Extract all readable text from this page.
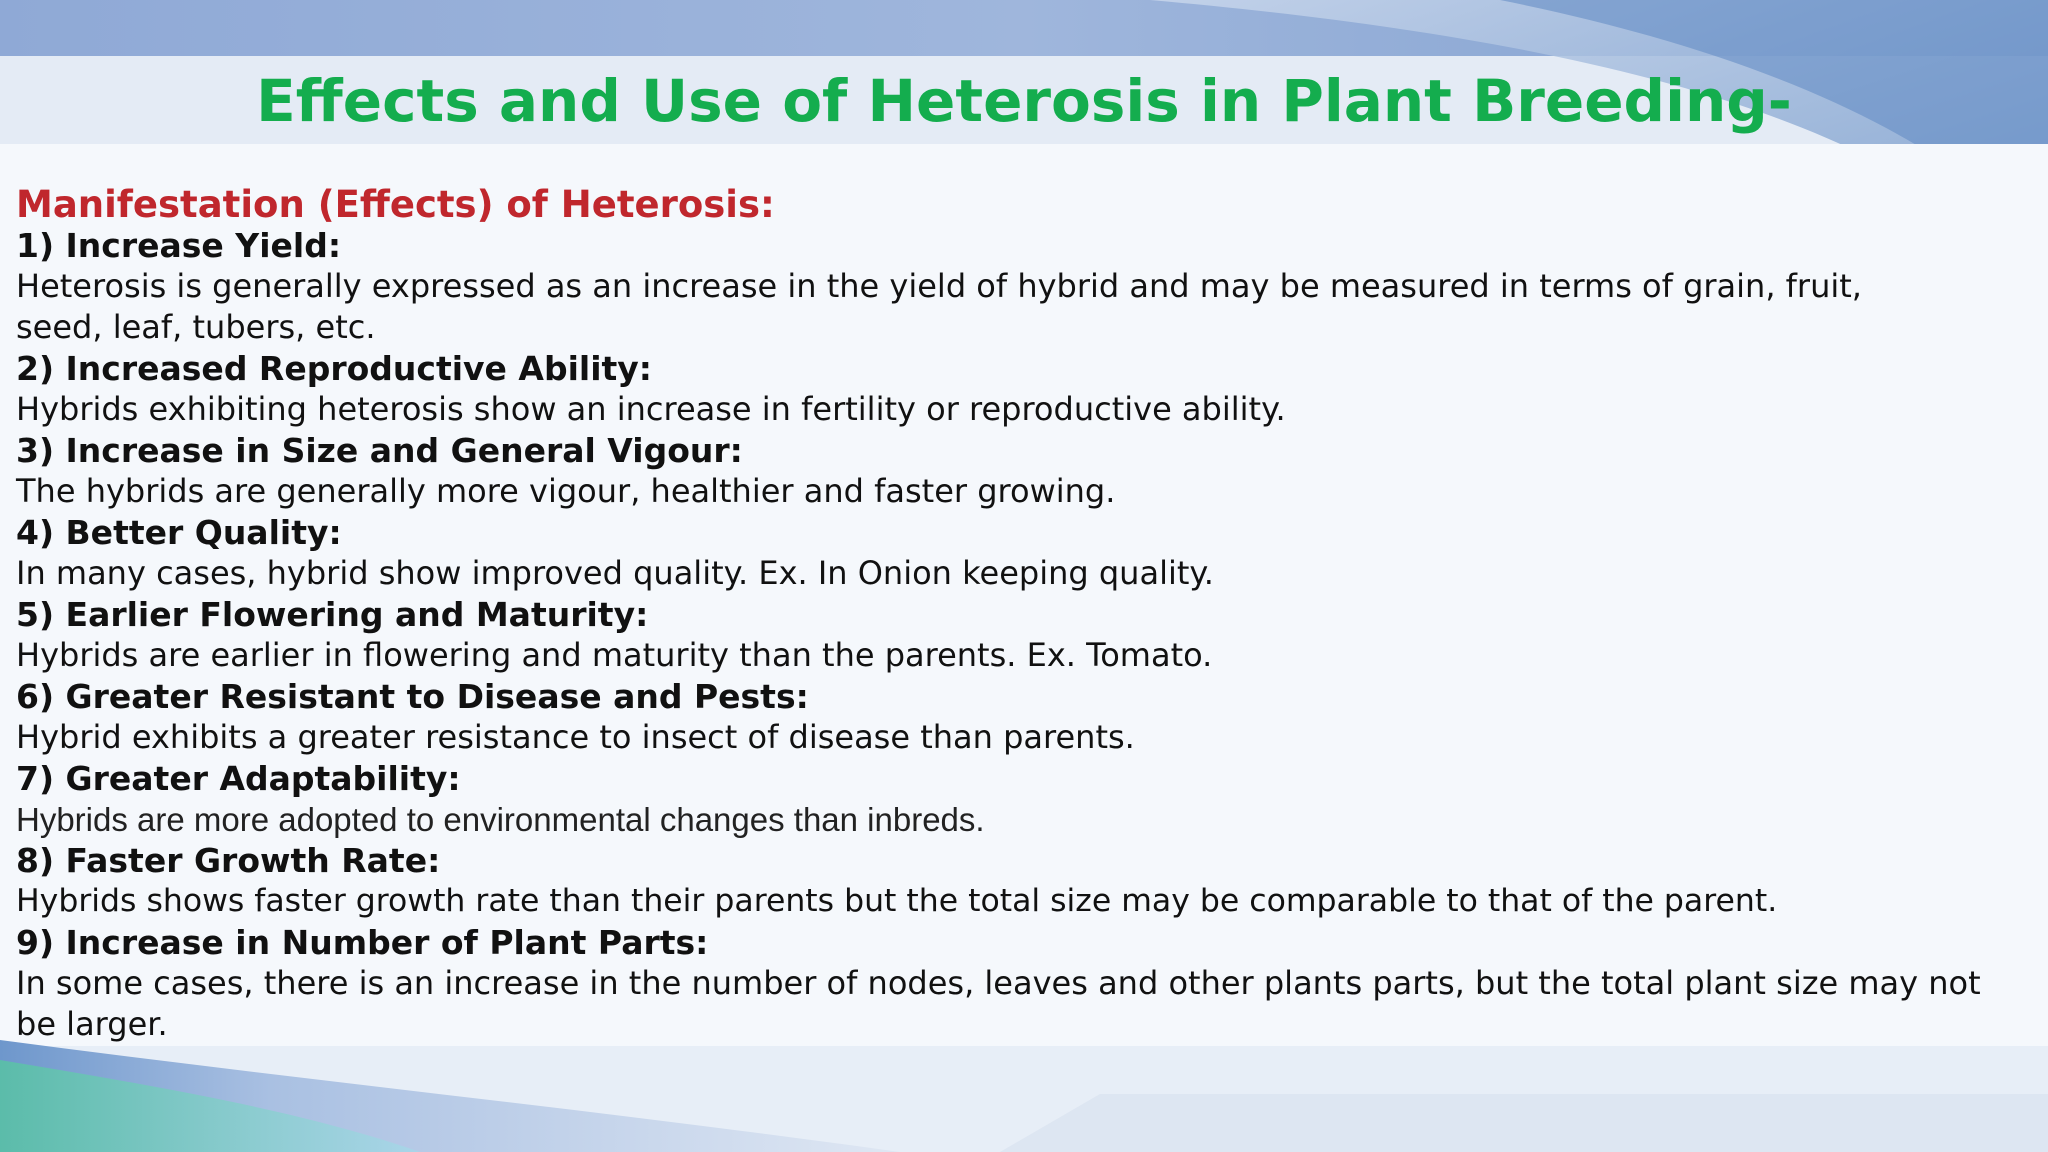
Effects and Use of Heterosis in Plant Breeding-

Manifestation (Effects) of Heterosis:

1) Increase Yield:

Heterosis is generally expressed as an increase in the yield of hybrid and may be measured in terms of grain, fruit, seed, leaf, tubers, etc.

2) Increased Reproductive Ability:

Hybrids exhibiting heterosis show an increase in fertility or reproductive ability.

3) Increase in Size and General Vigour:

The hybrids are generally more vigour, healthier and faster growing.

4) Better Quality:

In many cases, hybrid show improved quality. Ex. In Onion keeping quality.

5) Earlier Flowering and Maturity:

Hybrids are earlier in flowering and maturity than the parents. Ex. Tomato.

6) Greater Resistant to Disease and Pests:

Hybrid exhibits a greater resistance to insect of disease than parents.

7) Greater Adaptability:

Hybrids are more adopted to environmental changes than inbreds.

8) Faster Growth Rate:

Hybrids shows faster growth rate than their parents but the total size may be comparable to that of the parent.

9) Increase in Number of Plant Parts:

In some cases, there is an increase in the number of nodes, leaves and other plants parts, but the total plant size may not be larger.
